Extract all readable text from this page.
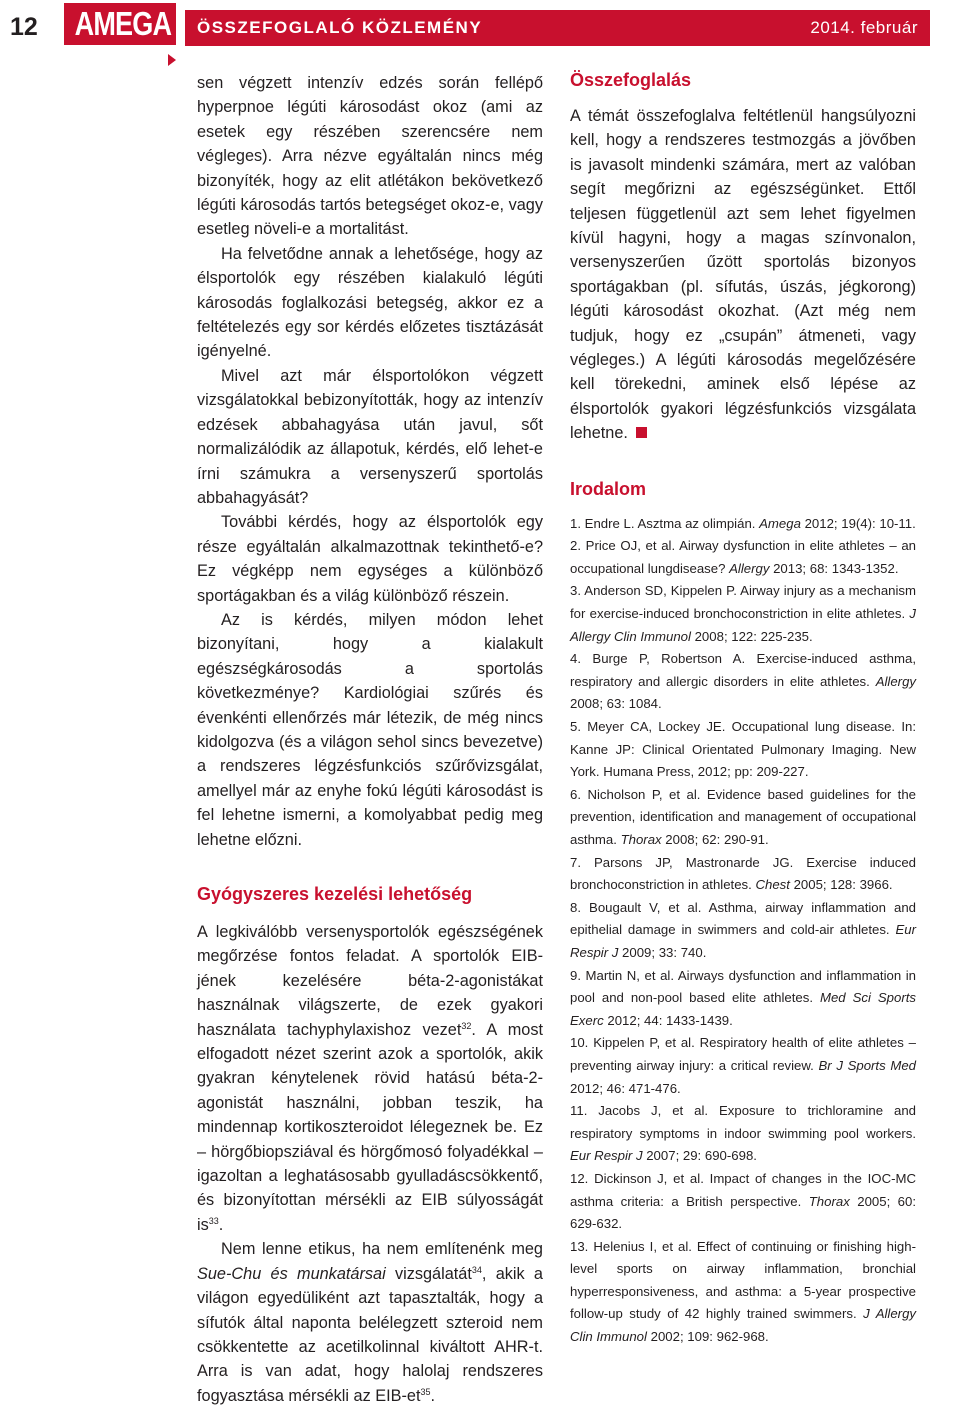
12	AMEGA ÖSSZEFOGLALÓ KÖZLEMÉNY	2014. február

sen végzett intenzív edzés során fellépő hyperpnoe légúti károsodást okoz (ami az esetek egy részében szerencsére nem végleges). Arra nézve egyáltalán nincs még bizonyíték, hogy az elit atlétákon bekövetkező légúti károsodás tartós betegséget okoz-e, vagy esetleg növeli-e a mortalitást.

Ha felvetődne annak a lehetősége, hogy az élsportolók egy részében kialakuló légúti károsodás foglalkozási betegség, akkor ez a feltételezés egy sor kérdés előzetes tisztázását igényelné.

Mivel azt már élsportolókon végzett vizsgálatokkal bebizonyították, hogy az intenzív edzések abbahagyása után javul, sőt normalizálódik az állapotuk, kérdés, elő lehet-e írni számukra a versenyszerű sportolás abbahagyását?

További kérdés, hogy az élsportolók egy része egyáltalán alkalmazottnak tekinthető-e? Ez végképp nem egységes a különböző sportágakban és a világ különböző részein.

Az is kérdés, milyen módon lehet bizonyítani, hogy a kialakult egészségkárosodás a sportolás következménye? Kardiológiai szűrés és évenkénti ellenőrzés már létezik, de még nincs kidolgozva (és a világon sehol sincs bevezetve) a rendszeres légzésfunkciós szűrővizsgálat, amellyel már az enyhe fokú légúti károsodást is fel lehetne ismerni, a komolyabbat pedig meg lehetne előzni.

Gyógyszeres kezelési lehetőség

A legkiválóbb versenysportolók egészségének megőrzése fontos feladat. A sportolók EIB-jének kezelésére béta-2-agonistákat használnak világszerte, de ezek gyakori használata tachyphylaxishoz vezet$^{32}$. A most elfogadott nézet szerint azok a sportolók, akik gyakran kénytelenek rövid hatású béta-2-agonistát használni, jobban teszik, ha mindennap kortikoszteroidot lélegeznek be. Ez – hörgőbiopsziával és hörgőmosó folyadékkal – igazoltan a leghatásosabb gyulladáscsökkentő, és bizonyítottan mérsékli az EIB súlyosságát $is^{33}$.

Nem lenne etikus, ha nem említenénk meg Sue-Chu és munkatársai vizsgálatát$^{34}$, akik a világon egyedüliként azt tapasztalták, hogy a sífutók által naponta belélegzett szteroid nem csökkentette az acetilkolinnal kiváltott AHR-t. Arra is van adat, hogy halolaj rendszeres fogyasztása mérsékli az EIB-$et^{35}$.

Összefoglalás

A témát összefoglalva feltétlenül hangsúlyozni kell, hogy a rendszeres testmozgás a jövőben is javasolt mindenki számára, mert az valóban segít megőrizni az egészségünket. Ettől teljesen függetlenül azt sem lehet figyelmen kívül hagyni, hogy a magas színvonalon, versenyszerűen űzött sportolás bizonyos sportágakban (pl. sífutás, úszás, jégkorong) légúti károsodást okozhat. (Azt még nem tudjuk, hogy ez „csupán” átmeneti, vagy végleges.) A légúti károsodás megelőzésére kell törekedni, aminek első lépése az élsportolók gyakori légzésfunkciós vizsgálata lehetne.

Irodalom
1. Endre L. Asztma az olimpián. Amega 2012; 19(4): 10-11.
2. Price OJ, et al. Airway dysfunction in elite athletes – an occupational lungdisease? Allergy 2013; 68: 1343-1352.
3. Anderson SD, Kippelen P. Airway injury as a mechanism for exercise-induced bronchoconstriction in elite athletes. J Allergy Clin Immunol 2008; 122: 225-235.
4. Burge P, Robertson A. Exercise-induced asthma, respiratory and allergic disorders in elite athletes. Allergy 2008; 63: 1084.
5. Meyer CA, Lockey JE. Occupational lung disease. In: Kanne JP: Clinical Orientated Pulmonary Imaging. New York. Humana Press, 2012; pp: 209-227.
6. Nicholson P, et al. Evidence based guidelines for the prevention, identification and management of occupational asthma. Thorax 2008; 62: 290-91.
7. Parsons JP, Mastronarde JG. Exercise induced bronchoconstriction in athletes. Chest 2005; 128: 3966.
8. Bougault V, et al. Asthma, airway inflammation and epithelial damage in swimmers and cold-air athletes. Eur Respir J 2009; 33: 740.
9. Martin N, et al. Airways dysfunction and inflammation in pool and non-pool based elite athletes. Med Sci Sports Exerc 2012; 44: 1433-1439.
10. Kippelen P, et al. Respiratory health of elite athletes – preventing airway injury: a critical review. Br J Sports Med 2012; 46: 471-476.
11. Jacobs J, et al. Exposure to trichloramine and respiratory symptoms in indoor swimming pool workers. Eur Respir J 2007; 29: 690-698.
12. Dickinson J, et al. Impact of changes in the IOC-MC asthma criteria: a British perspective. Thorax 2005; 60: 629-632.
13. Helenius I, et al. Effect of continuing or finishing high-level sports on airway inflammation, bronchial hyperresponsiveness, and asthma: a 5-year prospective follow-up study of 42 highly trained swimmers. J Allergy Clin Immunol 2002; 109: 962-968.
